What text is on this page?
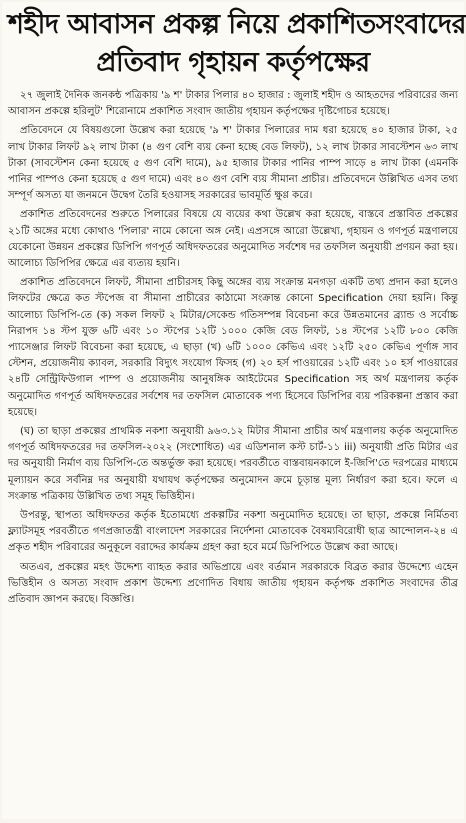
শহীদ আবাসন প্রকল্প নিয়ে প্রকাশিতসংবাদের
প্রতিবাদ গৃহায়ন কর্তৃপক্ষের

২৭ জুলাই দৈনিক জনকন্ঠ পত্রিকায় '৯ শ' টাকার পিলার ৪০ হাজার : জুলাই শহীদ ও আহতদের পরিবারের জন্য আবাসন প্রকল্পে হরিলুট' শিরোনামে প্রকাশিত সংবাদ জাতীয় গৃহায়ন কর্তৃপক্ষের দৃষ্টিগোচর হয়েছে।

প্রতিবেদনে যে বিষয়গুলো উল্লেখ করা হয়েছে '৯ শ' টাকার পিলারের দাম ধরা হয়েছে ৪০ হাজার টাকা, ২৫ লাখ টাকার লিফট ৯২ লাখ টাকা (৪ গুণ বেশি ব্যয় কেনা হচ্ছে বেড লিফট), ১২ লাখ টাকার সাবস্টেশন ৬৩ লাখ টাকা (সাবস্টেশন কেনা হয়েছে ৫ গুণ বেশি দামে), ৯৫ হাজার টাকার পানির পাম্প সাড়ে ৪ লাখ টাকা (এমনকি পানির পাম্পও কেনা হয়েছে ৫ গুণ দামে) এবং ৪০ গুণ বেশি ব্যয় সীমানা প্রাচীর। প্রতিবেদনে উল্লিখিত এসব তথ্য সম্পূর্ণ অসত্য যা জনমনে উদ্বেগ তৈরি হওয়াসহ সরকারের ভাবমূর্তি ক্ষুণ্ণ করে।

প্রকাশিত প্রতিবেদনের শুরুতে পিলারের বিষয়ে যে ব্যয়ের কথা উল্লেখ করা হয়েছে, বাস্তবে প্রস্তাবিত প্রকল্পের ২১টি অঙ্গের মধ্যে কোথাও 'পিলার' নামে কোনো অঙ্গ নেই। এপ্রসঙ্গে আরো উল্লেখ্য, গৃহায়ন ও গণপূর্ত মন্ত্রণালয়ে যেকোনো উন্নয়ন প্রকল্পের ডিপিপি গণপূর্ত অধিদফতরের অনুমোদিত সর্বশেষ দর তফসিল অনুযায়ী প্রণয়ন করা হয়। আলোচ্য ডিপিপির ক্ষেত্রে এর ব্যত্যয় হয়নি।

প্রকাশিত প্রতিবেদনে লিফট, সীমানা প্রাচীরসহ কিছু অঙ্গের ব্যয় সংক্রান্ত মনগড়া একটি তথ্য প্রদান করা হলেও লিফটের ক্ষেত্রে কত স্টপেজ বা সীমানা প্রাচীরের কাঠামো সংক্রান্ত কোনো Specification দেয়া হয়নি। কিন্তু আলোচ্য ডিপিপি-তে (ক) সকল লিফট ২ মিটার/সেকেন্ড গতিসম্পন্ন বিবেচনা করে উন্নতমানের ব্র্যান্ড ও সর্বোচ্চ নিরাপদ ১৪ স্টপ যুক্ত ৬টি এবং ১০ স্টপের ১২টি ১০০০ কেজি বেড লিফট, ১৪ স্টপের ১২টি ৮০০ কেজি প্যাসেঞ্জার লিফট বিবেচনা করা হয়েছে, এ ছাড়া (খ) ৬টি ১০০০ কেভিএ এবং ১২টি ২৫০ কেভিএ পূর্ণাঙ্গ সাব স্টেশন, প্রয়োজনীয় ক্যাবল, সরকারি বিদ্যুৎ সংযোগ ফিসহ (গ) ২০ হর্স পাওয়ারের ১২টি এবং ১০ হর্স পাওয়ারের ২৪টি সেন্ট্রিফিউগাল পাম্প ও প্রয়োজনীয় আনুষঙ্গিক আইটেমের Specification সহ অর্থ মন্ত্রণালয় কর্তৃক অনুমোদিত গণপূর্ত অধিদফতরের সর্বশেষ দর তফসিল মোতাবেক পণ্য হিসেবে ডিপিপির ব্যয় পরিকল্পনা প্রস্তাব করা হয়েছে।

(ঘ) তা ছাড়া প্রকল্পের প্রাথমিক নকশা অনুযায়ী ৯৬৩.১২ মিটার সীমানা প্রাচীর অর্থ মন্ত্রণালয় কর্তৃক অনুমোদিত গণপূর্ত অধিদফতরের দর তফসিল-২০২২ (সংশোধিত) এর এডিশনাল কস্ট চার্ট-১১ iii) অনুযায়ী প্রতি মিটার এর দর অনুযায়ী নির্মাণ ব্যয় ডিপিপি-তে অন্তর্ভুক্ত করা হয়েছে। পরবর্তীতে বাস্তবায়নকালে ই-জিপি'তে দরপত্রের মাধ্যমে মূল্যায়ন করে সর্বনিম্ন দর অনুযায়ী যথাযথ কর্তৃপক্ষের অনুমোদন ক্রমে চূড়ান্ত মূল্য নির্ধারণ করা হবে। ফলে এ সংক্রান্ত পত্রিকায় উল্লিখিত তথ্য সমূহ ভিত্তিহীন।

উপরন্তু, স্থাপত্য অধিদফতর কর্তৃক ইতোমধ্যে প্রকল্পটির নকশা অনুমোদিত হয়েছে। তা ছাড়া, প্রকল্পে নির্মিতব্য ফ্ল্যাটসমূহ পরবর্তীতে গণপ্রজাতন্ত্রী বাংলাদেশ সরকারের নির্দেশনা মোতাবেক বৈষম্যবিরোধী ছাত্র আন্দোলন-২৪ এ প্রকৃত শহীদ পরিবারের অনুকূলে বরাদ্দের কার্যক্রম গ্রহণ করা হবে মর্মে ডিপিপিতে উল্লেখ করা আছে।

অতএব, প্রকল্পের মহৎ উদ্দেশ্য ব্যাহত করার অভিপ্রায়ে এবং বর্তমান সরকারকে বিব্রত করার উদ্দেশ্যে এহেন ভিত্তিহীন ও অসত্য সংবাদ প্রকাশ উদ্দেশ্য প্রণোদিত বিধায় জাতীয় গৃহায়ন কর্তৃপক্ষ প্রকাশিত সংবাদের তীব্র প্রতিবাদ জ্ঞাপন করছে। বিজ্ঞপ্তি।
